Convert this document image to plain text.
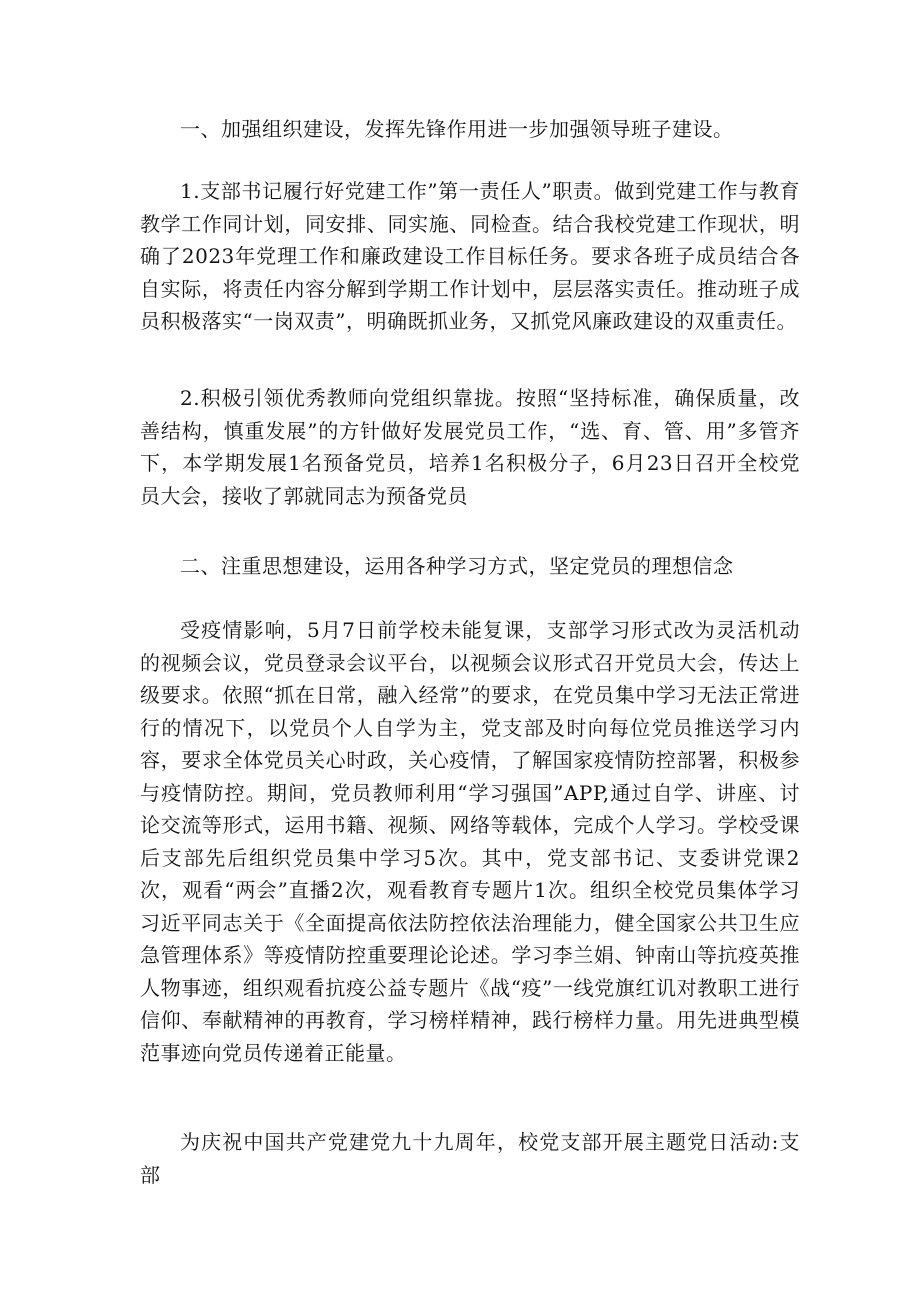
一、加强组织建设，发挥先锋作用进一步加强领导班子建设。

1.支部书记履行好党建工作”第一责任人”职责。做到党建工作与教育教学工作同计划，同安排、同实施、同检查。结合我校党建工作现状，明确了2023年党理工作和廉政建设工作目标任务。要求各班子成员结合各自实际，将责任内容分解到学期工作计划中，层层落实责任。推动班子成员积极落实“一岗双责”，明确既抓业务，又抓党风廉政建设的双重责任。

2.积极引领优秀教师向党组织靠拢。按照“坚持标准，确保质量，改善结构，慎重发展”的方针做好发展党员工作，“选、育、管、用”多管齐下，本学期发展1名预备党员，培养1名积极分子，6月23日召开全校党员大会，接收了郭就同志为预备党员

二、注重思想建设，运用各种学习方式，坚定党员的理想信念

受疫情影响，5月7日前学校未能复课，支部学习形式改为灵活机动的视频会议，党员登录会议平台，以视频会议形式召开党员大会，传达上级要求。依照“抓在日常，融入经常”的要求，在党员集中学习无法正常进行的情况下，以党员个人自学为主，党支部及时向每位党员推送学习内容，要求全体党员关心时政，关心疫情，了解国家疫情防控部署，积极参与疫情防控。期间，党员教师利用“学习强国”APP,通过自学、讲座、讨论交流等形式，运用书籍、视频、网络等载体，完成个人学习。学校受课后支部先后组织党员集中学习5次。其中，党支部书记、支委讲党课2次，观看“两会”直播2次，观看教育专题片1次。组织全校党员集体学习习近平同志关于《全面提高依法防控依法治理能力，健全国家公共卫生应急管理体系》等疫情防控重要理论论述。学习李兰娟、钟南山等抗疫英推人物事迹，组织观看抗疫公益专题片《战“疫”一线党旗红讥对教职工进行信仰、奉献精神的再教育，学习榜样精神，践行榜样力量。用先进典型模范事迹向党员传递着正能量。

为庆祝中国共产党建党九十九周年，校党支部开展主题党日活动:支部
